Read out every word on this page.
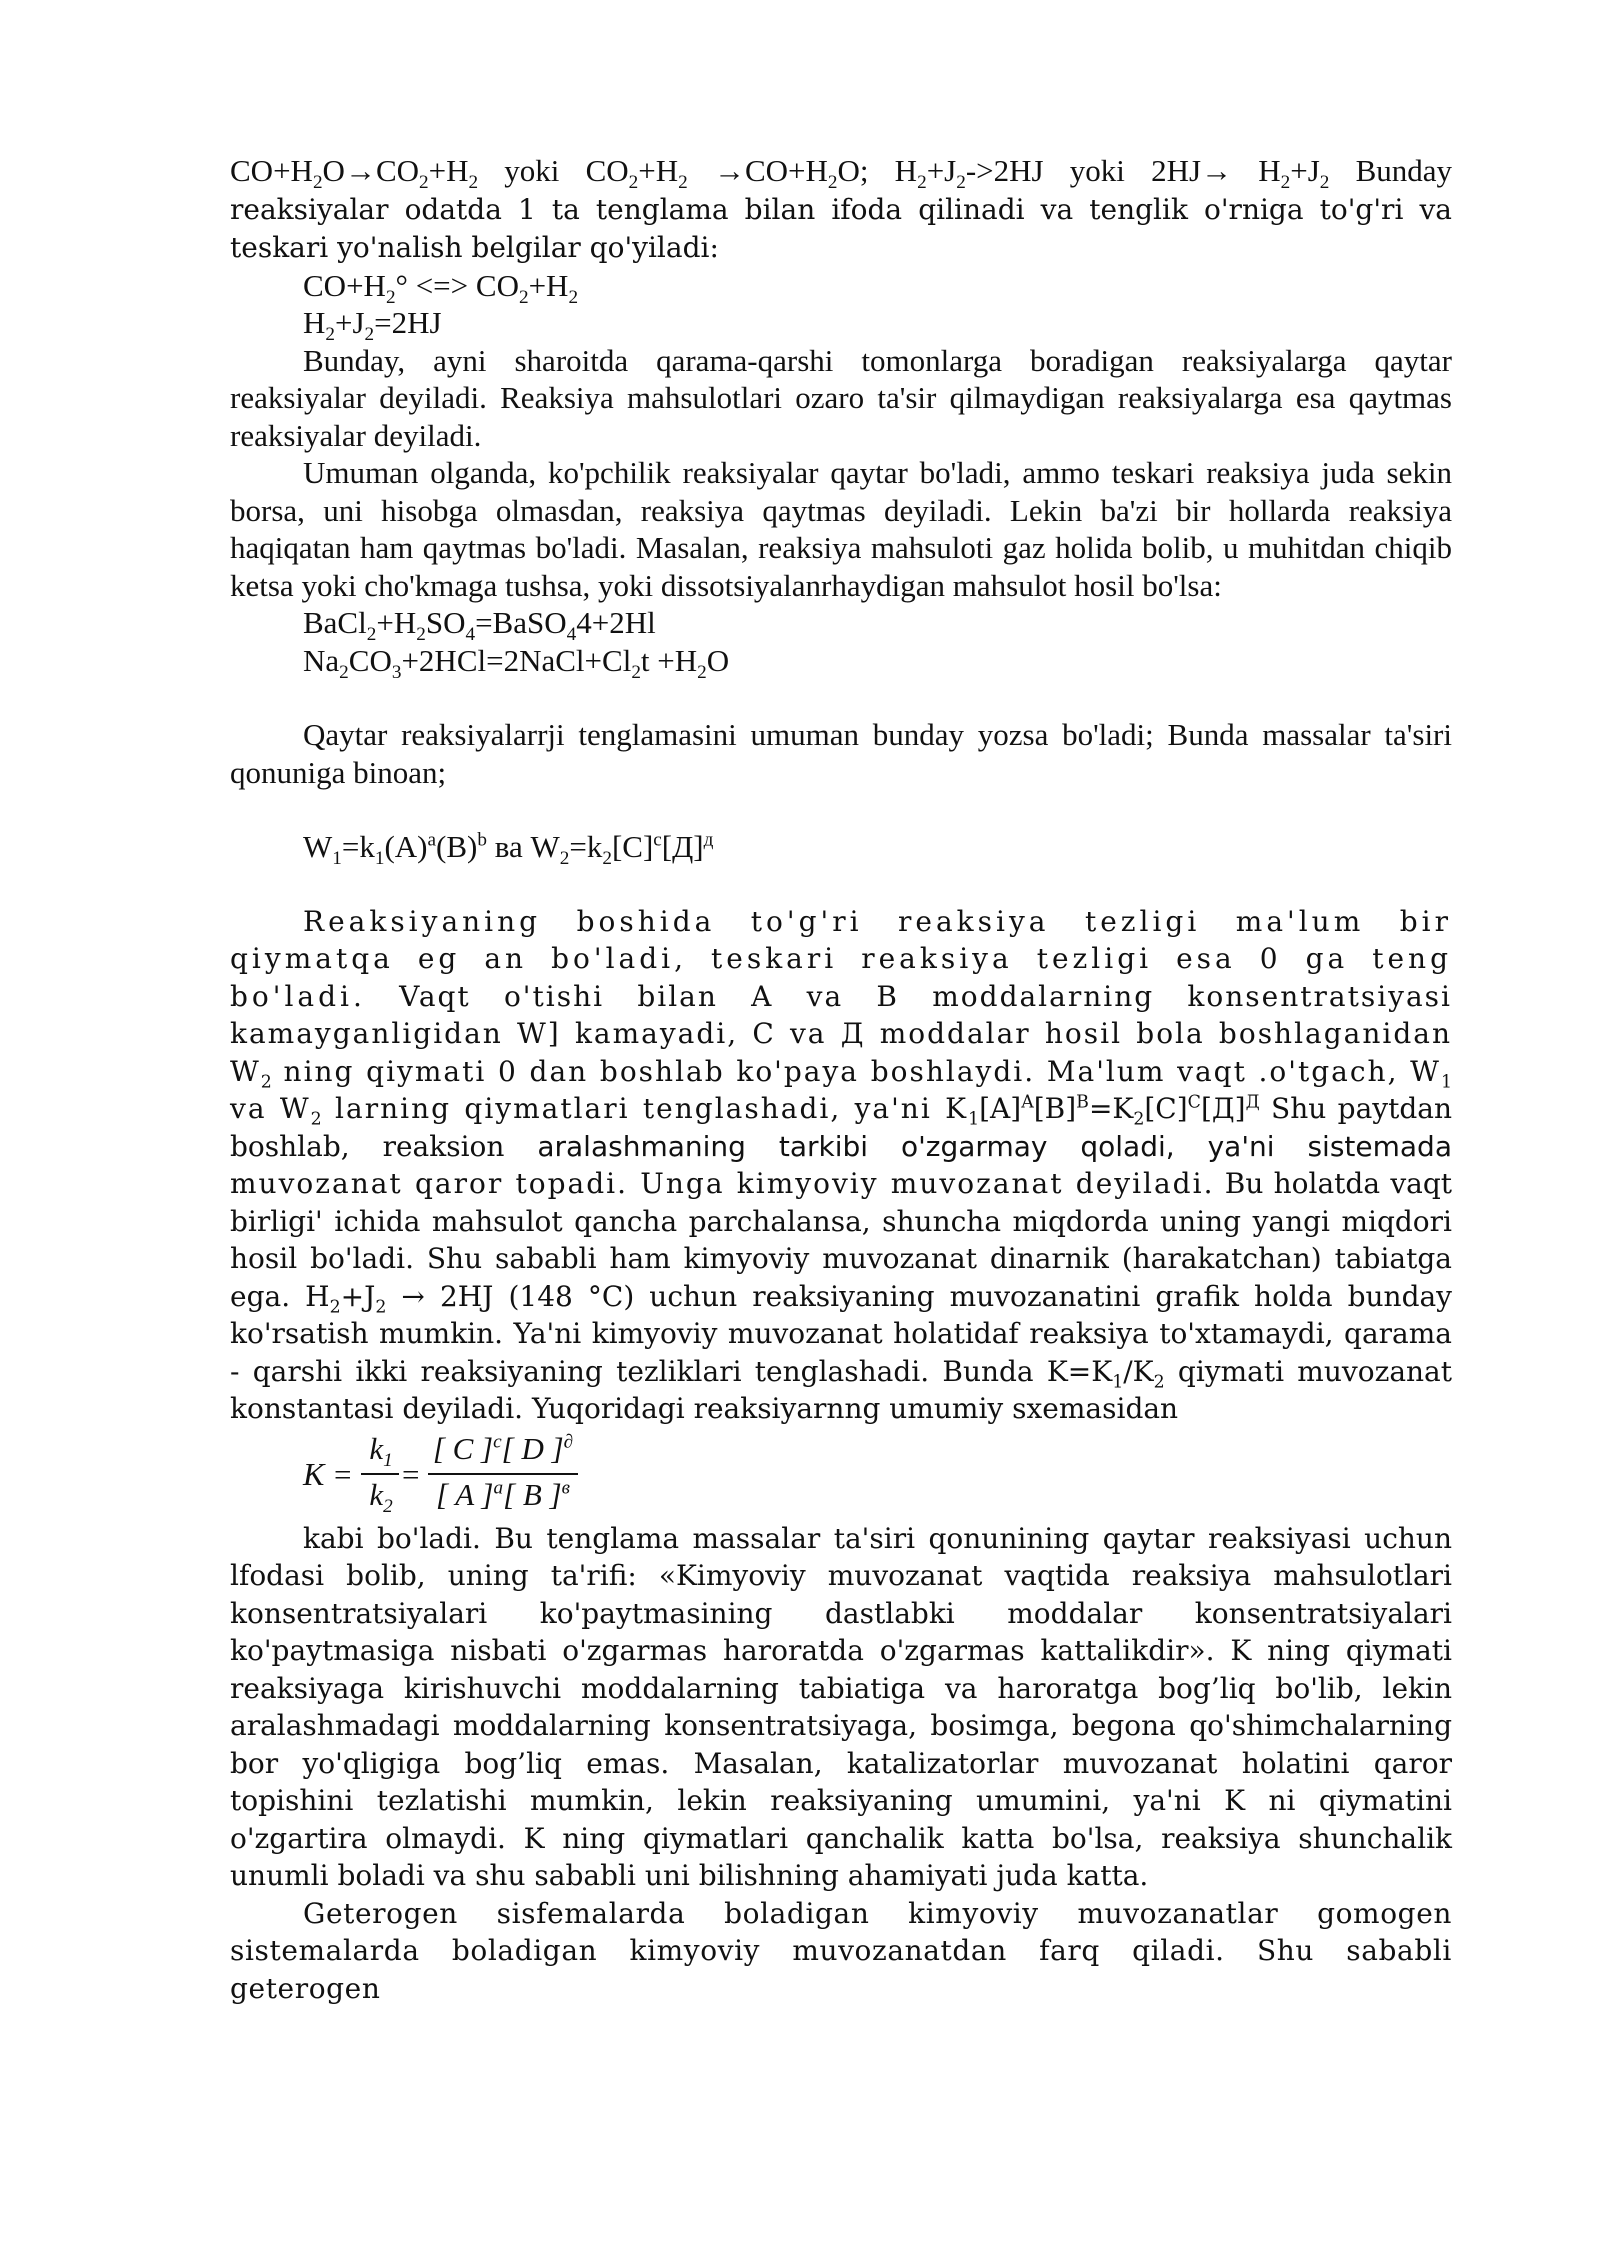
$CO+H_2O\to CO_2+H_2$ yoki $CO_2+H_2 \to CO+H_2O$; $H_2+J_2->2HJ$ yoki $2HJ\to H_2+J_2$ Bunday reaksiyalar odatda 1 ta tenglama bilan ifoda qilinadi va tenglik o'rniga to'g'ri va teskari yo'nalish belgilar qo'yiladi:

$CO+H_2^\circ$ <=> $CO_2+H_2$

$H_2+J_2=2HJ$

Bunday, ayni sharoitda qarama-qarshi tomonlarga boradigan reaksiyalarga qaytar reaksiyalar deyiladi. Reaksiya mahsulotlari ozaro ta'sir qilmaydigan reaksiyalarga esa qaytmas reaksiyalar deyiladi.

Umuman olganda, ko'pchilik reaksiyalar qaytar bo'ladi, ammo teskari reaksiya juda sekin borsa, uni hisobga olmasdan, reaksiya qaytmas deyiladi. Lekin ba'zi bir hollarda reaksiya haqiqatan ham qaytmas bo'ladi. Masalan, reaksiya mahsuloti gaz holida bolib, u muhitdan chiqib ketsa yoki cho'kmaga tushsa, yoki dissotsiyalanrhaydigan mahsulot hosil bo'lsa:

$BaCl_2+H_2SO_4=BaSO_44+2Hl$

$Na_2CO_3+2HCl=2NaCl+Cl_2t +H_2O$

Qaytar reaksiyalarrji tenglamasini umuman bunday yozsa bo'ladi; Bunda massalar ta'siri qonuniga binoan;

$W_1=k_1(A)^a(B)^b$ ва $W_2=k_2[C]^c[Д]^д$

Reaksiyaning boshida to'g'ri reaksiya tezligi ma'lum bir qiymatqa eg an bo'ladi, teskari reaksiya tezligi esa 0 ga teng bo'ladi. Vaqt o'tishi bilan A va B moddalarning konsentratsiyasi kamayganligidan W] kamayadi, C va Д moddalar hosil bola boshlaganidan $W_2$ ning qiymati 0 dan boshlab ko'paya boshlaydi. Ma'lum vaqt .o'tgach, $W_1$ va $W_2$ larning qiymatlari tenglashadi, ya'ni $K_1[A]^A[B]^B=K_2[C]^C[Д]^Д$ Shu paytdan boshlab, reaksion aralashmaning tarkibi o'zgarmay qoladi, ya'ni sistemada muvozanat qaror topadi. Unga kimyoviy muvozanat deyiladi. Bu holatda vaqt birligi' ichida mahsulot qancha parchalansa, shuncha miqdorda uning yangi miqdori hosil bo'ladi. Shu sababli ham kimyoviy muvozanat dinarnik (harakatchan) tabiatga ega. $H_2+J_2 \to 2HJ$ (148 °C) uchun reaksiyaning muvozanatini grafik holda bunday ko'rsatish mumkin. Ya'ni kimyoviy muvozanat holatidaf reaksiya to'xtamaydi, qarama - qarshi ikki reaksiyaning tezliklari tenglashadi. Bunda $K=K_1/K_2$ qiymati muvozanat konstantasi deyiladi. Yuqoridagi reaksiyarnng umumiy sxemasidan

K =
$k_1$
$k_2$
=
[ C ]$^c$[ D ]∂
[ A ]$^a$[ B ]$^в$

kabi bo'ladi. Bu tenglama massalar ta'siri qonunining qaytar reaksiyasi uchun lfodasi bolib, uning ta'rifi: «Kimyoviy muvozanat vaqtida reaksiya mahsulotlari konsentratsiyalari ko'paytmasining dastlabki moddalar konsentratsiyalari ko'paytmasiga nisbati o'zgarmas haroratda o'zgarmas kattalikdir». K ning qiymati reaksiyaga kirishuvchi moddalarning tabiatiga va haroratga bog’liq bo'lib, lekin aralashmadagi moddalarning konsentratsiyaga, bosimga, begona qo'shimchalarning bor yo'qligiga bog’liq emas. Masalan, katalizatorlar muvozanat holatini qaror topishini tezlatishi mumkin, lekin reaksiyaning umumini, ya'ni K ni qiymatini o'zgartira olmaydi. K ning qiymatlari qanchalik katta bo'lsa, reaksiya shunchalik unumli boladi va shu sababli uni bilishning ahamiyati juda katta.

Geterogen sisfemalarda boladigan kimyoviy muvozanatlar gomogen sistemalarda boladigan kimyoviy muvozanatdan farq qiladi. Shu sababli geterogen
